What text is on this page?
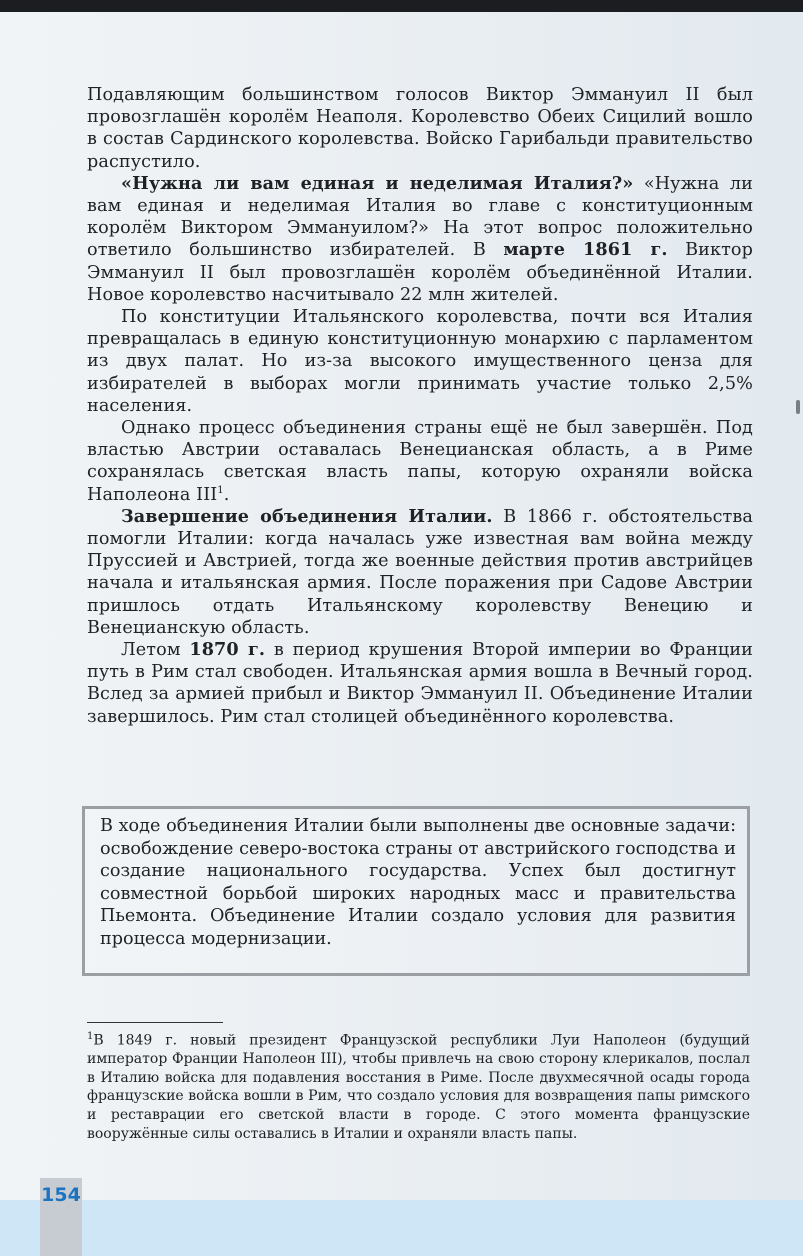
Подавляющим большинством голосов Виктор Эммануил II был провозглашён королём Неаполя. Королевство Обеих Сицилий вошло в состав Сардинского королевства. Войско Гарибальди правительство распустило.

«Нужна ли вам единая и неделимая Италия?» «Нужна ли вам единая и неделимая Италия во главе с конституционным королём Виктором Эммануилом?» На этот вопрос положительно ответило большинство избирателей. В марте 1861 г. Виктор Эммануил II был провозглашён королём объединённой Италии. Новое королевство насчитывало 22 млн жителей.

По конституции Итальянского королевства, почти вся Италия превращалась в единую конституционную монархию с парламентом из двух палат. Но из-за высокого имущественного ценза для избирателей в выборах могли принимать участие только 2,5% населения.

Однако процесс объединения страны ещё не был завершён. Под властью Австрии оставалась Венецианская область, а в Риме сохранялась светская власть папы, которую охраняли войска Наполеона III$^1$.

Завершение объединения Италии. В 1866 г. обстоятельства помогли Италии: когда началась уже известная вам война между Пруссией и Австрией, тогда же военные действия против австрийцев начала и итальянская армия. После поражения при Садове Австрии пришлось отдать Итальянскому королевству Венецию и Венецианскую область.

Летом 1870 г. в период крушения Второй империи во Франции путь в Рим стал свободен. Итальянская армия вошла в Вечный город. Вслед за армией прибыл и Виктор Эммануил II. Объединение Италии завершилось. Рим стал столицей объединённого королевства.

В ходе объединения Италии были выполнены две основные задачи: освобождение северо-востока страны от австрийского господства и создание национального государства. Успех был достигнут совместной борьбой широких народных масс и правительства Пьемонта. Объединение Италии создало условия для развития процесса модернизации.
$^1$В 1849 г. новый президент Французской республики Луи Наполеон (будущий император Франции Наполеон III), чтобы привлечь на свою сторону клерикалов, послал в Италию войска для подавления восстания в Риме. После двухмесячной осады города французские войска вошли в Рим, что создало условия для возвращения папы римского и реставрации его светской власти в городе. С этого момента французские вооружённые силы оставались в Италии и охраняли власть папы.
154
